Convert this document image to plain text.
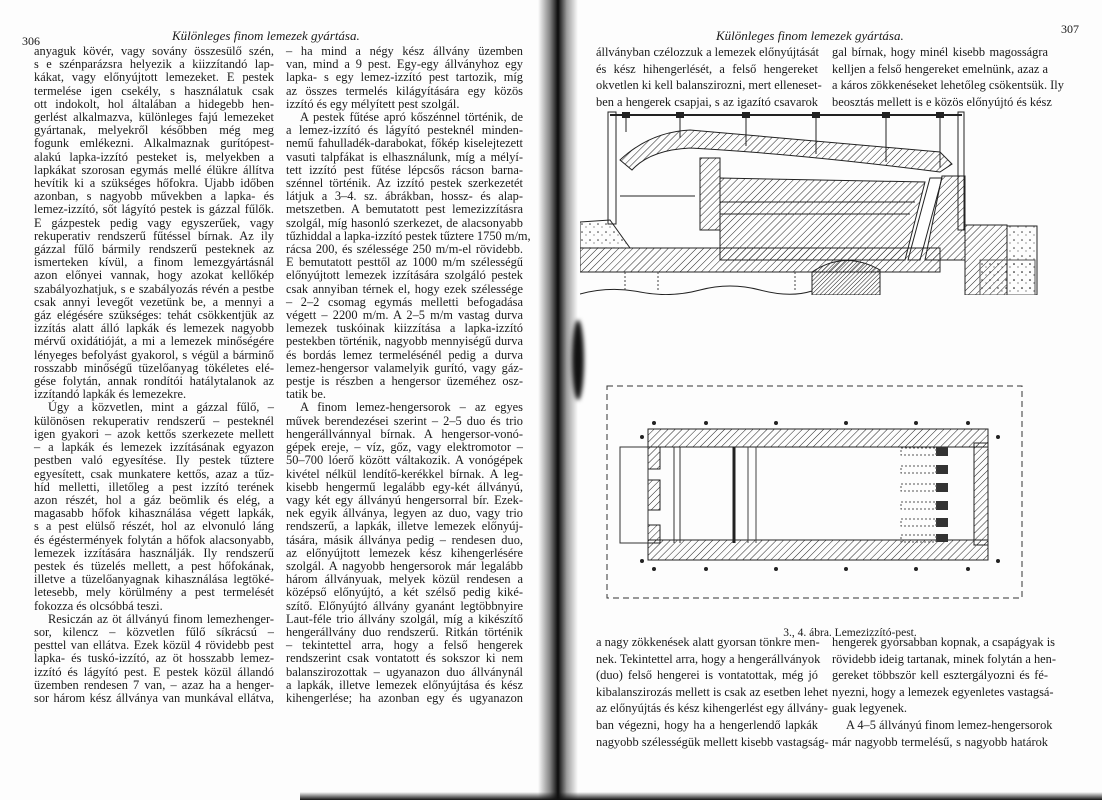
306	Különleges finom lemezek gyártása.
anyaguk kövér, vagy sovány összesülő szén,
s e szénparázsra helyezik a kiizzítandó lap-
kákat, vagy előnyújtott lemezeket. E pestek
termelése igen csekély, s használatuk csak
ott indokolt, hol általában a hidegebb hen-
gerlést alkalmazva, különleges fajú lemezeket
gyártanak, melyekről későbben még meg
fogunk emlékezni. Alkalmaznak gurítópest-
alakú lapka-izzító pesteket is, melyekben a
lapkákat szorosan egymás mellé élükre állítva
hevítik ki a szükséges hőfokra. Ujabb időben
azonban, s nagyobb művekben a lapka- és
lemez-izzító, sőt lágyító pestek is gázzal fűlők.
E gázpestek pedig vagy egyszerűek, vagy
rekuperativ rendszerű fűtéssel bírnak. Az ily
gázzal fűlő bármily rendszerű pesteknek az
ismerteken kívül, a finom lemezgyártásnál
azon előnyei vannak, hogy azokat kellőkép
szabályozhatjuk, s e szabályozás révén a pestbe
csak annyi levegőt vezetünk be, a mennyi a
gáz elégésére szükséges: tehát csökkentjük az
izzítás alatt álló lapkák és lemezek nagyobb
mérvű oxidátióját, a mi a lemezek minőségére
lényeges befolyást gyakorol, s végül a bárminő
rosszabb minőségű tüzelőanyag tökéletes elé-
gése folytán, annak rondítói hatálytalanok az
izzítandó lapkák és lemezekre.
Úgy a közvetlen, mint a gázzal fűlő, –
különösen rekuperativ rendszerű – pesteknél
igen gyakori – azok kettős szerkezete mellett
– a lapkák és lemezek izzításának egyazon
pestben való egyesítése. Ily pestek tűztere
egyesített, csak munkatere kettős, azaz a tűz-
híd melletti, illetőleg a pest izzító terének
azon részét, hol a gáz beömlik és elég, a
magasabb hőfok kihasználása végett lapkák,
s a pest elülső részét, hol az elvonuló láng
és égéstermények folytán a hőfok alacsonyabb,
lemezek izzítására használják. Ily rendszerű
pestek és tüzelés mellett, a pest hőfokának,
illetve a tüzelőanyagnak kihasználása legtöké-
letesebb, mely körülmény a pest termelését
fokozza és olcsóbbá teszi.
Resiczán az öt állványú finom lemezhenger-
sor, kilencz – közvetlen fűlő síkrácsú –
pesttel van ellátva. Ezek közül 4 rövidebb pest
lapka- és tuskó-izzító, az öt hosszabb lemez-
izzító és lágyító pest. E pestek közül állandó
üzemben rendesen 7 van, – azaz ha a henger-
sor három kész állványa van munkával ellátva,
– ha mind a négy kész állvány üzemben
van, mind a 9 pest. Egy-egy állványhoz egy
lapka- s egy lemez-izzító pest tartozik, míg
az összes termelés kilágyítására egy közös
izzító és egy mélyített pest szolgál.
A pestek fűtése apró kőszénnel történik, de
a lemez-izzító és lágyító pesteknél minden-
nemű fahulladék-darabokat, főkép kiselejtezett
vasuti talpfákat is elhasználunk, míg a mélyí-
tett izzító pest fűtése lépcsős rácson barna-
szénnel történik. Az izzító pestek szerkezetét
látjuk a 3–4. sz. ábrákban, hossz- és alap-
metszetben. A bemutatott pest lemezizzításra
szolgál, míg hasonló szerkezet, de alacsonyabb
tűzhiddal a lapka-izzító pestek tűztere 1750 m/m,
rácsa 200, és szélessége 250 m/m-el rövidebb.
E bemutatott pesttől az 1000 m/m szélességű
előnyújtott lemezek izzítására szolgáló pestek
csak annyiban térnek el, hogy ezek szélessége
– 2–2 csomag egymás melletti befogadása
végett – 2200 m/m. A 2–5 m/m vastag durva
lemezek tuskóinak kiizzítása a lapka-izzító
pestekben történik, nagyobb mennyiségű durva
és bordás lemez termelésénél pedig a durva
lemez-hengersor valamelyik gurító, vagy gáz-
pestje is részben a hengersor üzeméhez osz-
tatik be.
A finom lemez-hengersorok – az egyes
művek berendezései szerint – 2–5 duo és trio
hengerállvánnyal bírnak. A hengersor-vonó-
gépek ereje, – víz, gőz, vagy elektromotor –
50–700 lóerő között váltakozik. A vonógépek
kivétel nélkül lendítő-kerékkel bírnak. A leg-
kisebb hengermű legalább egy-két állványú,
vagy két egy állványú hengersorral bír. Ezek-
nek egyik állványa, legyen az duo, vagy trio
rendszerű, a lapkák, illetve lemezek előnyúj-
tására, másik állványa pedig – rendesen duo,
az előnyújtott lemezek kész kihengerlésére
szolgál. A nagyobb hengersorok már legalább
három állványuak, melyek közül rendesen a
középső előnyújtó, a két szélső pedig kiké-
szítő. Előnyújtó állvány gyanánt legtöbbnyire
Laut-féle trio állvány szolgál, míg a kikészítő
hengerállvány duo rendszerű. Ritkán történik
– tekintettel arra, hogy a felső hengerek
rendszerint csak vontatott és sokszor ki nem
balanszirozottak – ugyanazon duo állványnál
a lapkák, illetve lemezek előnyújtása és kész
kihengerlése; ha azonban egy és ugyanazon
Különleges finom lemezek gyártása.	307
állványban czélozzuk a lemezek előnyújtását
és kész hihengerlését, a felső hengereket
okvetlen ki kell balanszirozni, mert elleneset-
ben a hengerek csapjai, s az igazító csavarok
gal bírnak, hogy minél kisebb magosságra
kelljen a felső hengereket emelnünk, azaz a
a káros zökkenéseket lehetőleg csökentsük. Ily
beosztás mellett is e közös előnyújtó és kész
3., 4. ábra. Lemezizzító-pest.
a nagy zökkenések alatt gyorsan tönkre men-
nek. Tekintettel arra, hogy a hengerállványok
(duo) felső hengerei is vontatottak, még jó
kibalanszirozás mellett is csak az esetben lehet
az előnyújtás és kész kihengerlést egy állvány-
ban végezni, hogy ha a hengerlendő lapkák
nagyobb szélességük mellett kisebb vastagság-
hengerek gyorsabban kopnak, a csapágyak is
rövidebb ideig tartanak, minek folytán a hen-
gereket többször kell esztergályozni és fé-
nyezni, hogy a lemezek egyenletes vastagsá-
guak legyenek.
A 4–5 állványú finom lemez-hengersorok
már nagyobb termelésű, s nagyobb határok
